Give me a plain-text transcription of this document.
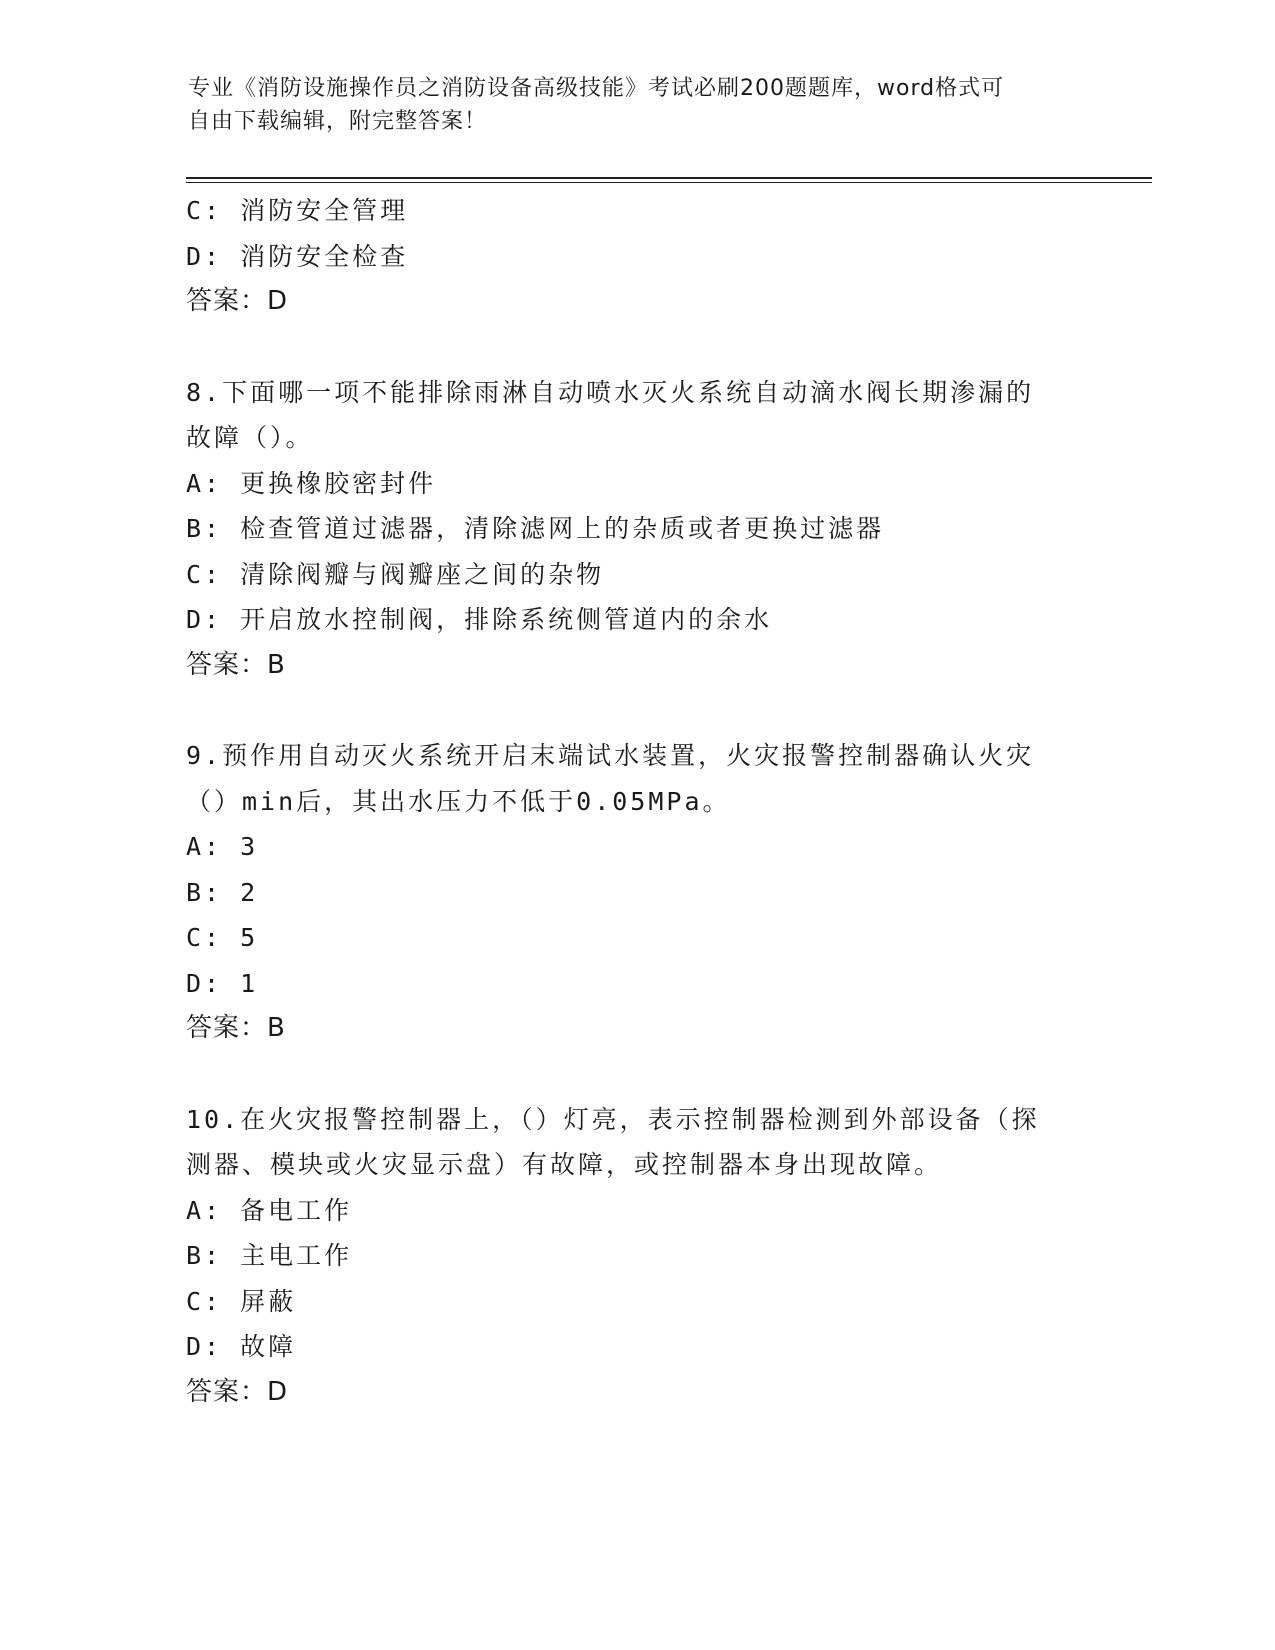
专业《消防设施操作员之消防设备高级技能》考试必刷200题题库，word格式可
自由下载编辑，附完整答案！
C: 消防安全管理
D: 消防安全检查
答案：D
8.下面哪一项不能排除雨淋自动喷水灭火系统自动滴水阀长期渗漏的
故障（）。
A: 更换橡胶密封件
B: 检查管道过滤器，清除滤网上的杂质或者更换过滤器
C: 清除阀瓣与阀瓣座之间的杂物
D: 开启放水控制阀，排除系统侧管道内的余水
答案：B
9.预作用自动灭火系统开启末端试水装置，火灾报警控制器确认火灾
（）min后，其出水压力不低于0.05MPa。
A: 3
B: 2
C: 5
D: 1
答案：B
10.在火灾报警控制器上，（）灯亮，表示控制器检测到外部设备（探
测器、模块或火灾显示盘）有故障，或控制器本身出现故障。
A: 备电工作
B: 主电工作
C: 屏蔽
D: 故障
答案：D
